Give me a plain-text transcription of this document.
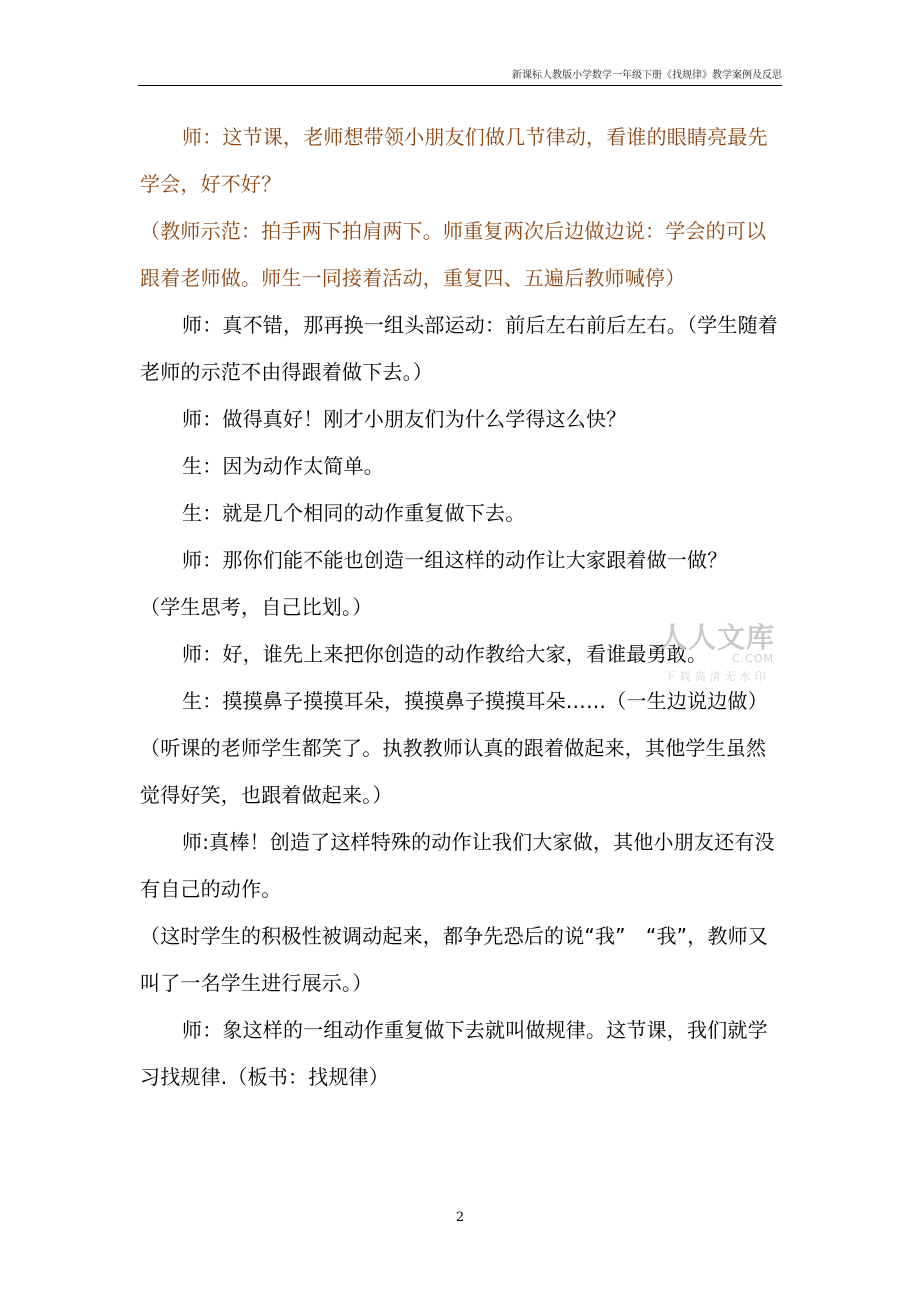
新课标人教版小学数学一年级下册《找规律》教学案例及反思

师：这节课，老师想带领小朋友们做几节律动，看谁的眼睛亮最先学会，好不好？

（教师示范：拍手两下拍肩两下。师重复两次后边做边说：学会的可以跟着老师做。师生一同接着活动，重复四、五遍后教师喊停）

师：真不错，那再换一组头部运动：前后左右前后左右。（学生随着老师的示范不由得跟着做下去。）

师：做得真好！刚才小朋友们为什么学得这么快？

生：因为动作太简单。

生：就是几个相同的动作重复做下去。

师：那你们能不能也创造一组这样的动作让大家跟着做一做？

（学生思考，自己比划。）

师：好，谁先上来把你创造的动作教给大家，看谁最勇敢。

生：摸摸鼻子摸摸耳朵，摸摸鼻子摸摸耳朵……（一生边说边做）

（听课的老师学生都笑了。执教教师认真的跟着做起来，其他学生虽然觉得好笑，也跟着做起来。）

师:真棒！创造了这样特殊的动作让我们大家做，其他小朋友还有没有自己的动作。

（这时学生的积极性被调动起来，都争先恐后的说“我”　“我”，教师又叫了一名学生进行展示。）

师：象这样的一组动作重复做下去就叫做规律。这节课，我们就学习找规律.（板书：找规律）

人人文库
C.COM
下载高清无水印
2
